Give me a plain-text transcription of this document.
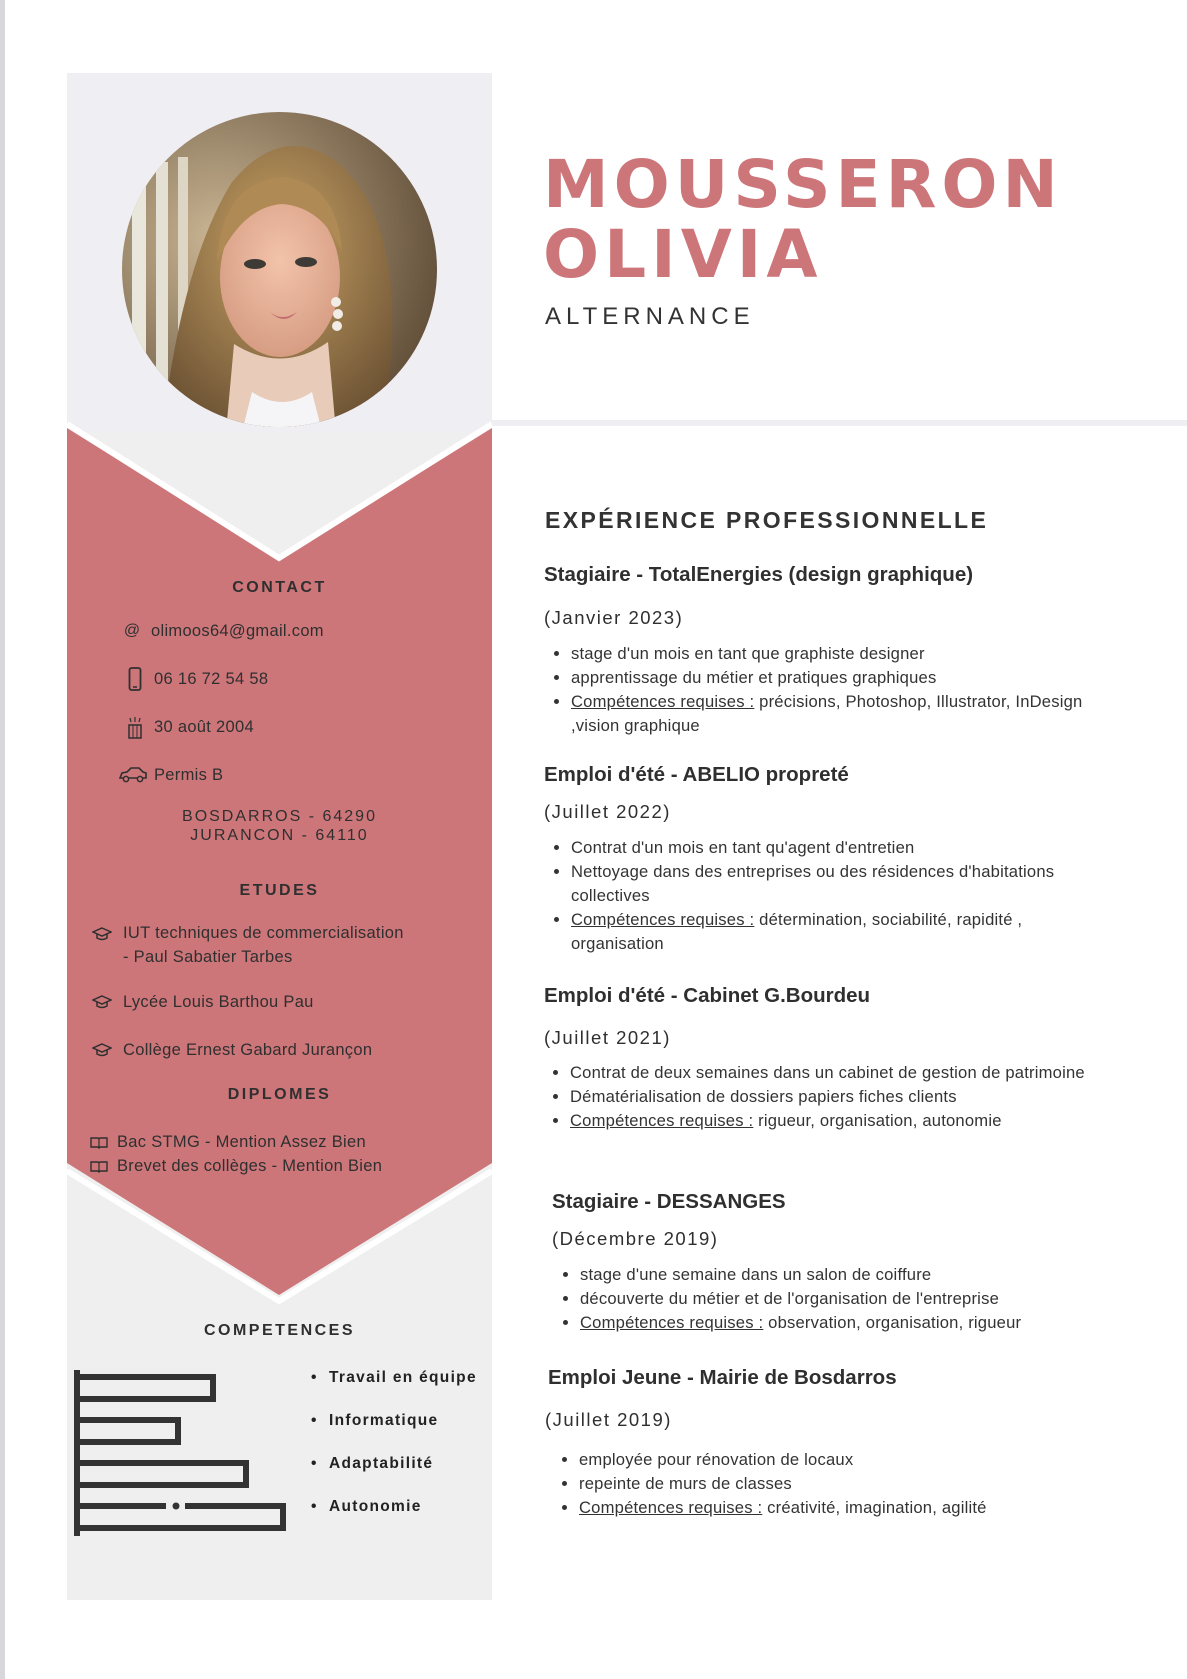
CONTACT
@ olimoos64@gmail.com
06 16 72 54 58
30 août 2004
Permis B
BOSDARROS - 64290
JURANCON - 64110
ETUDES
IUT techniques de commercialisation
- Paul Sabatier Tarbes
Lycée Louis Barthou Pau
Collège Ernest Gabard Jurançon
DIPLOMES
Bac STMG - Mention Assez Bien
Brevet des collèges - Mention Bien
COMPETENCES
• Travail en équipe
• Informatique
• Adaptabilité
• Autonomie
MOUSSERON
OLIVIA
ALTERNANCE
EXPÉRIENCE PROFESSIONNELLE
Stagiaire - TotalEnergies (design graphique)
(Janvier 2023)
• stage d'un mois en tant que graphiste designer
• apprentissage du métier et pratiques graphiques
• Compétences requises : précisions, Photoshop, Illustrator, InDesign ,vision graphique
Emploi d'été - ABELIO propreté
(Juillet 2022)
• Contrat d'un mois en tant qu'agent d'entretien
• Nettoyage dans des entreprises ou des résidences d'habitations collectives
• Compétences requises : détermination, sociabilité, rapidité , organisation
Emploi d'été - Cabinet G.Bourdeu
(Juillet 2021)
• Contrat de deux semaines dans un cabinet de gestion de patrimoine
• Dématérialisation de dossiers papiers fiches clients
• Compétences requises : rigueur, organisation, autonomie
Stagiaire - DESSANGES
(Décembre 2019)
• stage d'une semaine dans un salon de coiffure
• découverte du métier et de l'organisation de l'entreprise
• Compétences requises : observation, organisation, rigueur
Emploi Jeune - Mairie de Bosdarros
(Juillet 2019)
• employée pour rénovation de locaux
• repeinte de murs de classes
• Compétences requises : créativité, imagination, agilité
